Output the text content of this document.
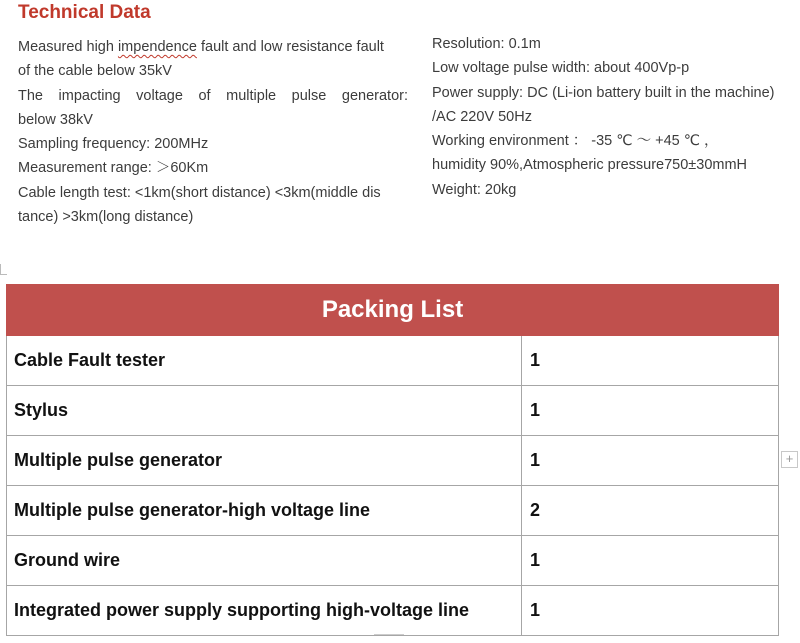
Technical Data
Measured high impendence fault and low resistance fault
of the cable below 35kV
The impacting voltage of multiple pulse generator:
below 38kV
Sampling frequency: 200MHz
Measurement range: ＞60Km
Cable length test: <1km(short distance) <3km(middle dis
tance) >3km(long distance)
Resolution: 0.1m
Low voltage pulse width: about 400Vp-p
Power supply: DC (Li-ion battery built in the machine)
/AC 220V 50Hz
Working environment ： -35 ℃ ～ +45 ℃ ，
humidity 90%,Atmospheric pressure750±30mmH
Weight: 20kg
+
Packing List	
Cable Fault tester	1
Stylus	1
Multiple pulse generator	1
Multiple pulse generator-high voltage line	2
Ground wire	1
Integrated power supply supporting high-voltage line	1
